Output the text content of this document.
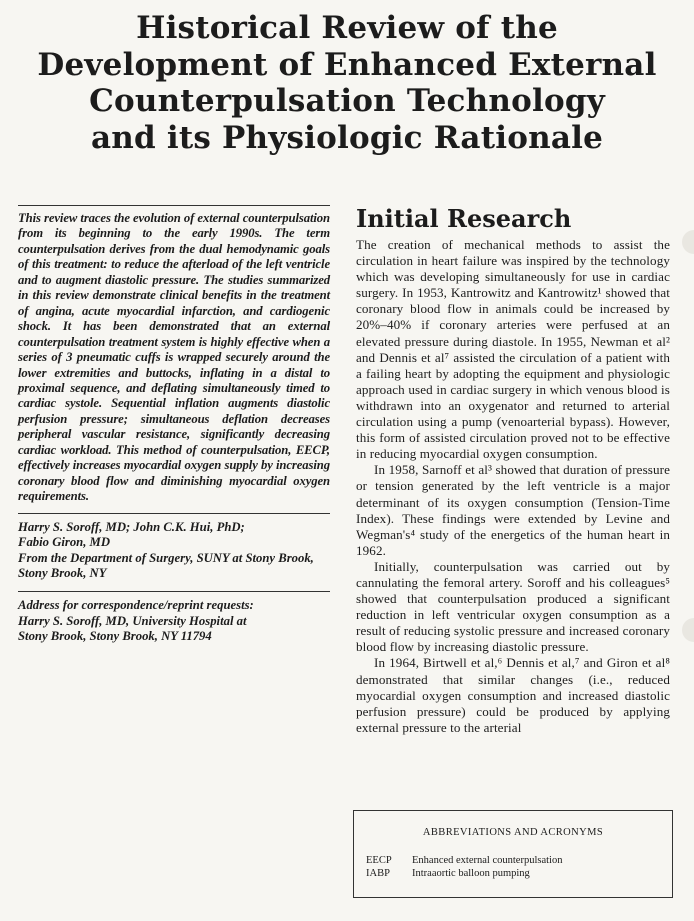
Historical Review of the
Development of Enhanced External
Counterpulsation Technology
and its Physiologic Rationale

This review traces the evolution of external counterpulsation from its beginning to the early 1990s. The term counterpulsation derives from the dual hemodynamic goals of this treatment: to reduce the afterload of the left ventricle and to augment diastolic pressure. The studies summarized in this review demonstrate clinical benefits in the treatment of angina, acute myocardial infarction, and cardiogenic shock. It has been demonstrated that an external counterpulsation treatment system is highly effective when a series of 3 pneumatic cuffs is wrapped securely around the lower extremities and buttocks, inflating in a distal to proximal sequence, and deflating simultaneously timed to cardiac systole. Sequential inflation augments diastolic perfusion pressure; simultaneous deflation decreases peripheral vascular resistance, significantly decreasing cardiac workload. This method of counterpulsation, EECP, effectively increases myocardial oxygen supply by increasing coronary blood flow and diminishing myocardial oxygen requirements.

Harry S. Soroff, MD; John C.K. Hui, PhD;
Fabio Giron, MD
From the Department of Surgery, SUNY at Stony Brook, Stony Brook, NY
Address for correspondence/reprint requests:
Harry S. Soroff, MD, University Hospital at
Stony Brook, Stony Brook, NY 11794
Initial Research

The creation of mechanical methods to assist the circulation in heart failure was inspired by the technology which was developing simultaneously for use in cardiac surgery. In 1953, Kantrowitz and Kantrowitz¹ showed that coronary blood flow in animals could be increased by 20%–40% if coronary arteries were perfused at an elevated pressure during diastole. In 1955, Newman et al² and Dennis et al⁷ assisted the circulation of a patient with a failing heart by adopting the equipment and physiologic approach used in cardiac surgery in which venous blood is withdrawn into an oxygenator and returned to arterial circulation using a pump (venoarterial bypass). However, this form of assisted circulation proved not to be effective in reducing myocardial oxygen consumption.

In 1958, Sarnoff et al³ showed that duration of pressure or tension generated by the left ventricle is a major determinant of its oxygen consumption (Tension-Time Index). These findings were extended by Levine and Wegman's⁴ study of the energetics of the human heart in 1962.

Initially, counterpulsation was carried out by cannulating the femoral artery. Soroff and his colleagues⁵ showed that counterpulsation produced a significant reduction in left ventricular oxygen consumption as a result of reducing systolic pressure and increased coronary blood flow by increasing diastolic pressure.

In 1964, Birtwell et al,⁶ Dennis et al,⁷ and Giron et al⁸ demonstrated that similar changes (i.e., reduced myocardial oxygen consumption and increased diastolic perfusion pressure) could be produced by applying external pressure to the arterial

ABBREVIATIONS AND ACRONYMS
EECP	Enhanced external counterpulsation
IABP	Intraaortic balloon pumping
